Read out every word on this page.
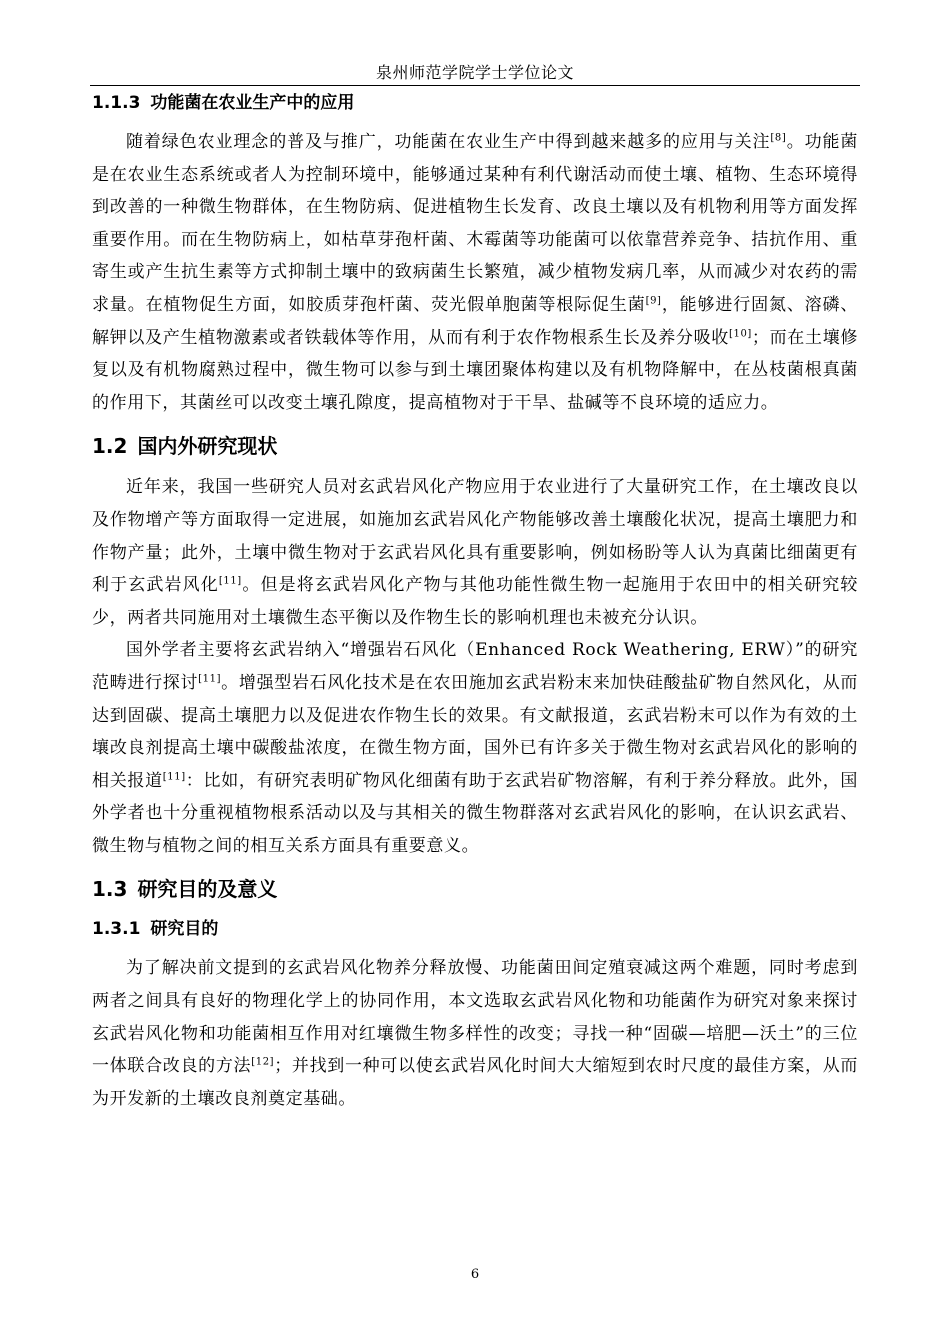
泉州师范学院学士学位论文
1.1.3 功能菌在农业生产中的应用

随着绿色农业理念的普及与推广，功能菌在农业生产中得到越来越多的应用与关注[8]。功能菌是在农业生态系统或者人为控制环境中，能够通过某种有利代谢活动而使土壤、植物、生态环境得到改善的一种微生物群体，在生物防病、促进植物生长发育、改良土壤以及有机物利用等方面发挥重要作用。而在生物防病上，如枯草芽孢杆菌、木霉菌等功能菌可以依靠营养竞争、拮抗作用、重寄生或产生抗生素等方式抑制土壤中的致病菌生长繁殖，减少植物发病几率，从而减少对农药的需求量。在植物促生方面，如胶质芽孢杆菌、荧光假单胞菌等根际促生菌[9]，能够进行固氮、溶磷、解钾以及产生植物激素或者铁载体等作用，从而有利于农作物根系生长及养分吸收[10]；而在土壤修复以及有机物腐熟过程中，微生物可以参与到土壤团聚体构建以及有机物降解中，在丛枝菌根真菌的作用下，其菌丝可以改变土壤孔隙度，提高植物对于干旱、盐碱等不良环境的适应力。

1.2 国内外研究现状

近年来，我国一些研究人员对玄武岩风化产物应用于农业进行了大量研究工作，在土壤改良以及作物增产等方面取得一定进展，如施加玄武岩风化产物能够改善土壤酸化状况，提高土壤肥力和作物产量；此外，土壤中微生物对于玄武岩风化具有重要影响，例如杨盼等人认为真菌比细菌更有利于玄武岩风化[11]。但是将玄武岩风化产物与其他功能性微生物一起施用于农田中的相关研究较少，两者共同施用对土壤微生态平衡以及作物生长的影响机理也未被充分认识。

国外学者主要将玄武岩纳入“增强岩石风化（Enhanced Rock Weathering, ERW）”的研究范畴进行探讨[11]。增强型岩石风化技术是在农田施加玄武岩粉末来加快硅酸盐矿物自然风化，从而达到固碳、提高土壤肥力以及促进农作物生长的效果。有文献报道，玄武岩粉末可以作为有效的土壤改良剂提高土壤中碳酸盐浓度，在微生物方面，国外已有许多关于微生物对玄武岩风化的影响的相关报道[11]：比如，有研究表明矿物风化细菌有助于玄武岩矿物溶解，有利于养分释放。此外，国外学者也十分重视植物根系活动以及与其相关的微生物群落对玄武岩风化的影响，在认识玄武岩、微生物与植物之间的相互关系方面具有重要意义。

1.3 研究目的及意义
1.3.1 研究目的

为了解决前文提到的玄武岩风化物养分释放慢、功能菌田间定殖衰减这两个难题，同时考虑到两者之间具有良好的物理化学上的协同作用，本文选取玄武岩风化物和功能菌作为研究对象来探讨玄武岩风化物和功能菌相互作用对红壤微生物多样性的改变；寻找一种“固碳—培肥—沃土”的三位一体联合改良的方法[12]；并找到一种可以使玄武岩风化时间大大缩短到农时尺度的最佳方案，从而为开发新的土壤改良剂奠定基础。

6
